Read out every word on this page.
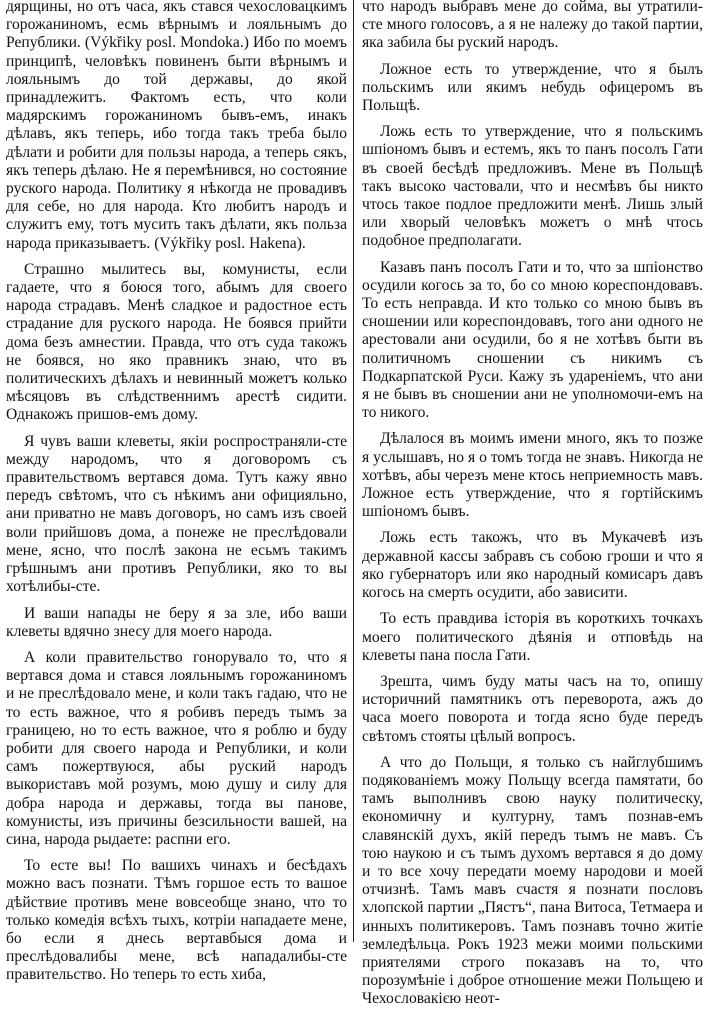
дярщины, но отъ часа, якъ стався чехословацкимъ горожаниномъ, есмь вѣрнымъ и лояльнымъ до Републики. (Výkřiky posl. Mondoka.) Ибо по моемъ принципѣ, человѣкъ повиненъ быти вѣрнымъ и лояльнымъ до той державы, до якой принадлежитъ. Фактомъ есть, что коли мадярскимъ горожаниномъ бывъ-емъ, инакъ дѣлавъ, якъ теперь, ибо тогда такъ треба было дѣлати и робити для пользы народа, а теперь сякъ, якъ теперь дѣлаю. Не я перемѣнився, но состояние руского народа. Политику я нѣкогда не провадивъ для себе, но для народа. Кто любитъ народъ и служитъ ему, тотъ мусить такъ дѣлати, якъ польза народа приказываетъ. (Výkřiky posl. Hakena).

Страшно мылитесь вы, комунисты, если гадаете, что я боюся того, абымъ для своего народа страдавъ. Менѣ сладкое и радостное есть страдание для руского народа. Не боявся прийти дома безъ амнестии. Правда, что отъ суда такожъ не боявся, но яко правникъ знаю, что въ политическихъ дѣлахъ и невинный можетъ колько мѣсяцовъ въ слѣдственнимъ арестѣ сидити. Однакожъ пришов-емъ дому.

Я чувъ ваши клеветы, якіи роспространяли-сте между народомъ, что я договоромъ съ правительствомъ вертався дома. Тутъ кажу явно передъ свѣтомъ, что съ нѣкимъ ани официяльно, ани приватно не мавъ договоръ, но самъ изъ своей воли прийшовъ дома, а понеже не преслѣдовали мене, ясно, что послѣ закона не есьмъ такимъ грѣшнымъ ани противъ Републики, яко то вы хотѣлибы-сте.

И ваши напады не беру я за зле, ибо ваши клеветы вдячно знесу для моего народа.

А коли правительство гонорувало то, что я вертався дома и стався лояльнымъ горожаниномъ и не преслѣдовало мене, и коли такъ гадаю, что не то есть важное, что я робивъ передъ тымъ за границею, но то есть важное, что я роблю и буду робити для своего народа и Републики, и коли самъ пожертвуюся, абы руский народъ выкориставъ мой розумъ, мою душу и силу для добра народа и державы, тогда вы панове, комунисты, изъ причины безсильности вашей, на сина, народа рыдаете: распни его.

То есте вы! По вашихъ чинахъ и бесѣдахъ можно васъ познати. Тѣмъ горшое есть то вашое дѣйствие противъ мене вовсеобще знано, что то только комедія всѣхъ тыхъ, котріи нападаете мене, бо если я днесь вертавбыся дома и преслѣдовалибы мене, всѣ нападалибы-сте правительство. Но теперь то есть хиба,

что народъ выбравъ мене до сойма, вы утратили-сте много голосовъ, а я не належу до такой партии, яка забила бы руский народъ.

Ложное есть то утверждение, что я былъ польскимъ или якимъ небудь офицеромъ въ Польщѣ.

Ложь есть то утверждение, что я польскимъ шпіономъ бывъ и естемъ, якъ то панъ посолъ Гати въ своей бесѣдѣ предложивъ. Мене въ Польщѣ такъ высоко частовали, что и несмѣвъ бы никто чтось такое подлое предложити менѣ. Лишь злый или хворый человѣкъ можетъ о мнѣ чтось подобное предполагати.

Казавъ панъ посолъ Гати и то, что за шпіонство осудили когось за то, бо со мною кореспондовавъ. То есть неправда. И кто только со мною бывъ въ сношении или кореспондовавъ, того ани одного не арестовали ани осудили, бо я не хотѣвъ быти въ политичномъ сношении съ никимъ съ Подкарпатской Руси. Кажу зъ удареніемъ, что ани я не бывъ въ сношении ани не уполномочи-емъ на то никого.

Дѣлалося въ моимъ имени много, якъ то позже я услышавъ, но я о томъ тогда не знавъ. Никогда не хотѣвъ, абы черезъ мене ктось неприемность мавъ. Ложное есть утверждение, что я гортійскимъ шпіономъ бывъ.

Ложь есть такожъ, что въ Мукачевѣ изъ державной кассы забравъ съ собою гроши и что я яко губернаторъ или яко народный комисаръ давъ когось на смерть осудити, або зависити.

То есть правдива історія въ короткихъ точкахъ моего политического дѣянія и отповѣдь на клеветы пана посла Гати.

Зрешта, чимъ буду маты часъ на то, опишу историчний памятникъ отъ переворота, ажъ до часа моего поворота и тогда ясно буде передъ свѣтомъ стояты цѣлый вопросъ.

А что до Польщи, я только съ найглубшимъ подякованіемъ можу Польщу всегда памятати, бо тамъ выполнивъ свою науку политическу, економичну и културну, тамъ познав-емъ славянскій духъ, якій передъ тымъ не мавъ. Съ тою наукою и съ тымъ духомъ вертався я до дому и то все хочу передати моему народови и моей отчизнѣ. Тамъ мавъ счастя я познати пословъ хлопской партии „Пястъ“, пана Витоса, Тетмаера и инныхъ политикеровъ. Тамъ познавъ точно житіе земледѣльца. Рокъ 1923 межи моими польскими приятелями строго показавъ на то, что порозумѣніе і доброе отношение межи Польщею и Чехословакією неот-
